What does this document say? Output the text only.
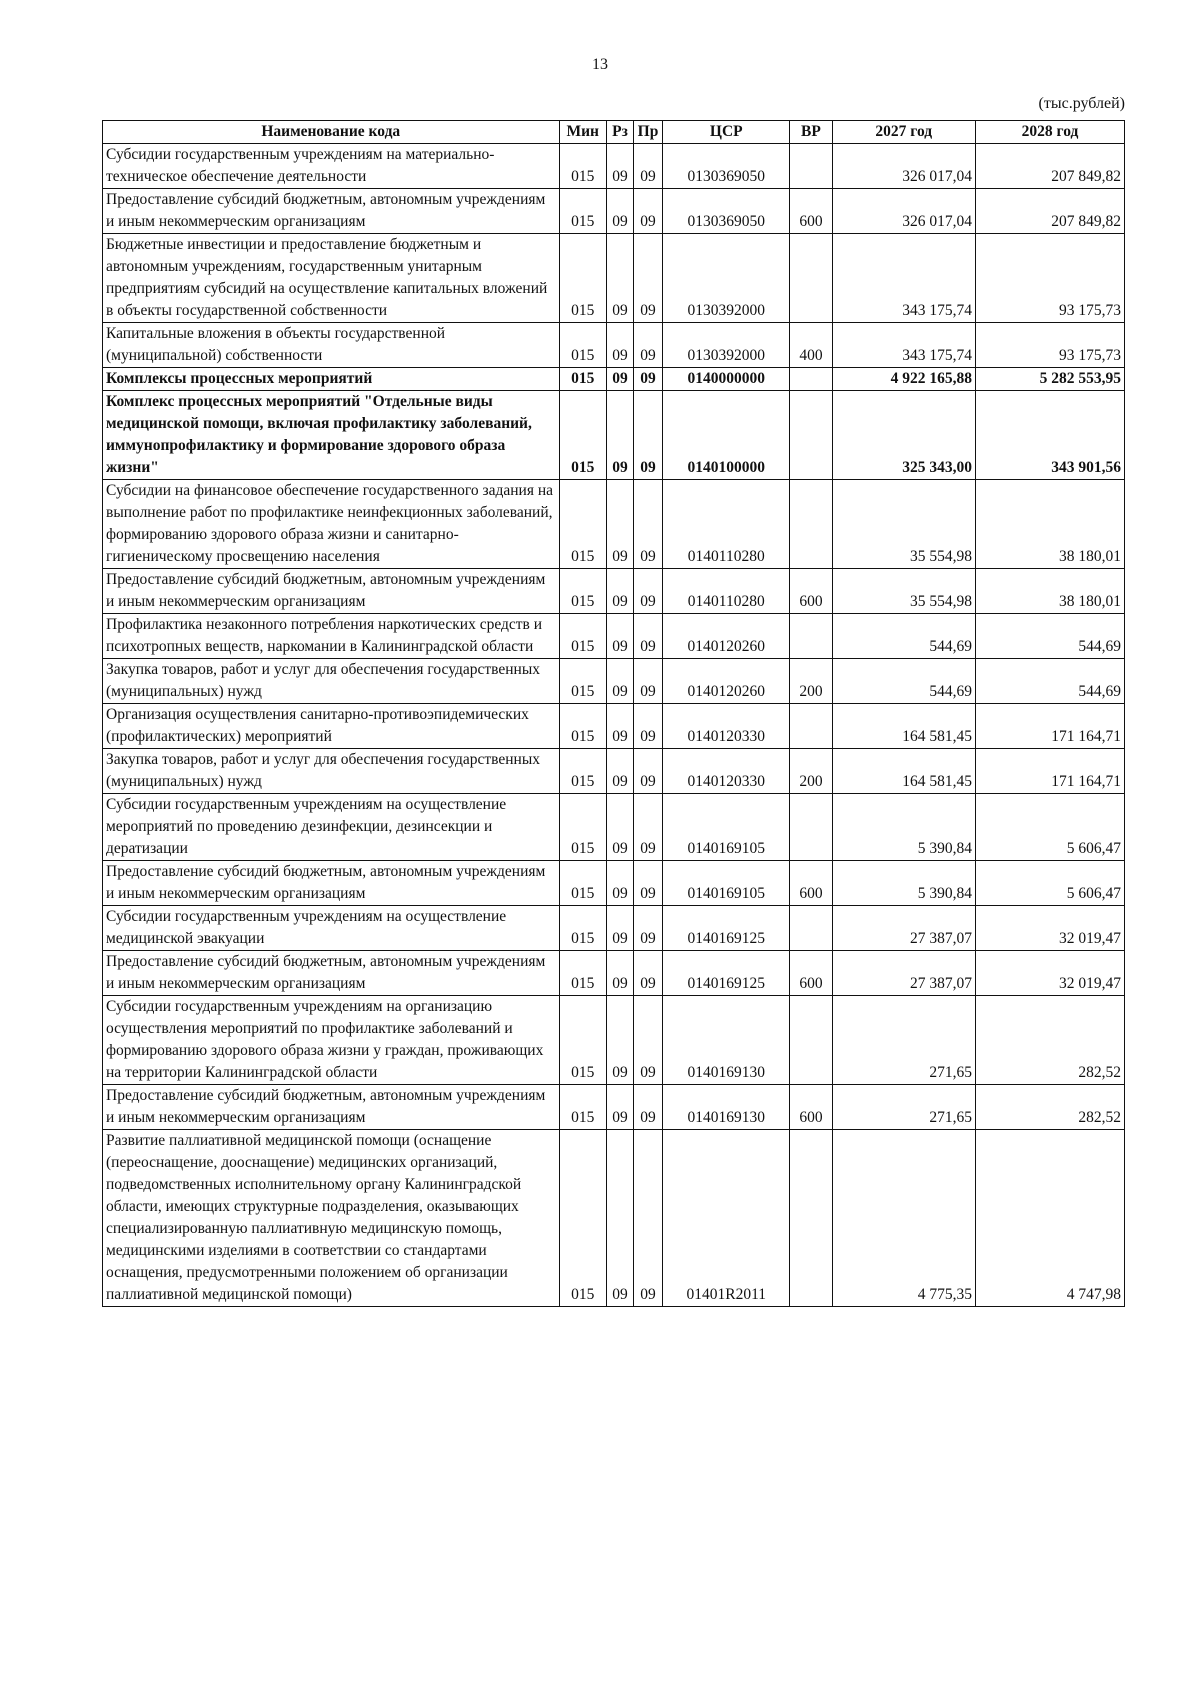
13
(тыс.рублей)
Наименование кода	Мин	Рз	Пр	ЦСР	ВР	2027 год	2028 год
Субсидии государственным учреждениям на материально-техническое обеспечение деятельности	015	09	09	0130369050		326 017,04	207 849,82
Предоставление субсидий бюджетным, автономным учреждениям и иным некоммерческим организациям	015	09	09	0130369050	600	326 017,04	207 849,82
Бюджетные инвестиции и предоставление бюджетным и автономным учреждениям, государственным унитарным предприятиям субсидий на осуществление капитальных вложений в объекты государственной собственности	015	09	09	0130392000		343 175,74	93 175,73
Капитальные вложения в объекты государственной (муниципальной) собственности	015	09	09	0130392000	400	343 175,74	93 175,73
Комплексы процессных мероприятий	015	09	09	0140000000		4 922 165,88	5 282 553,95
Комплекс процессных мероприятий "Отдельные виды медицинской помощи, включая профилактику заболеваний, иммунопрофилактику и формирование здорового образа жизни"	015	09	09	0140100000		325 343,00	343 901,56
Субсидии на финансовое обеспечение государственного задания на выполнение работ по профилактике неинфекционных заболеваний, формированию здорового образа жизни и санитарно-гигиеническому просвещению населения	015	09	09	0140110280		35 554,98	38 180,01
Предоставление субсидий бюджетным, автономным учреждениям и иным некоммерческим организациям	015	09	09	0140110280	600	35 554,98	38 180,01
Профилактика незаконного потребления наркотических средств и психотропных веществ, наркомании в Калининградской области	015	09	09	0140120260		544,69	544,69
Закупка товаров, работ и услуг для обеспечения государственных (муниципальных) нужд	015	09	09	0140120260	200	544,69	544,69
Организация осуществления санитарно-противоэпидемических (профилактических) мероприятий	015	09	09	0140120330		164 581,45	171 164,71
Закупка товаров, работ и услуг для обеспечения государственных (муниципальных) нужд	015	09	09	0140120330	200	164 581,45	171 164,71
Субсидии государственным учреждениям на осуществление мероприятий по проведению дезинфекции, дезинсекции и дератизации	015	09	09	0140169105		5 390,84	5 606,47
Предоставление субсидий бюджетным, автономным учреждениям и иным некоммерческим организациям	015	09	09	0140169105	600	5 390,84	5 606,47
Субсидии государственным учреждениям на осуществление медицинской эвакуации	015	09	09	0140169125		27 387,07	32 019,47
Предоставление субсидий бюджетным, автономным учреждениям и иным некоммерческим организациям	015	09	09	0140169125	600	27 387,07	32 019,47
Субсидии государственным учреждениям на организацию осуществления мероприятий по профилактике заболеваний и формированию здорового образа жизни у граждан, проживающих на территории Калининградской области	015	09	09	0140169130		271,65	282,52
Предоставление субсидий бюджетным, автономным учреждениям и иным некоммерческим организациям	015	09	09	0140169130	600	271,65	282,52
Развитие паллиативной медицинской помощи (оснащение (переоснащение, дооснащение) медицинских организаций, подведомственных исполнительному органу Калининградской области, имеющих структурные подразделения, оказывающих специализированную паллиативную медицинскую помощь, медицинскими изделиями в соответствии со стандартами оснащения, предусмотренными положением об организации паллиативной медицинской помощи)	015	09	09	01401R2011		4 775,35	4 747,98
